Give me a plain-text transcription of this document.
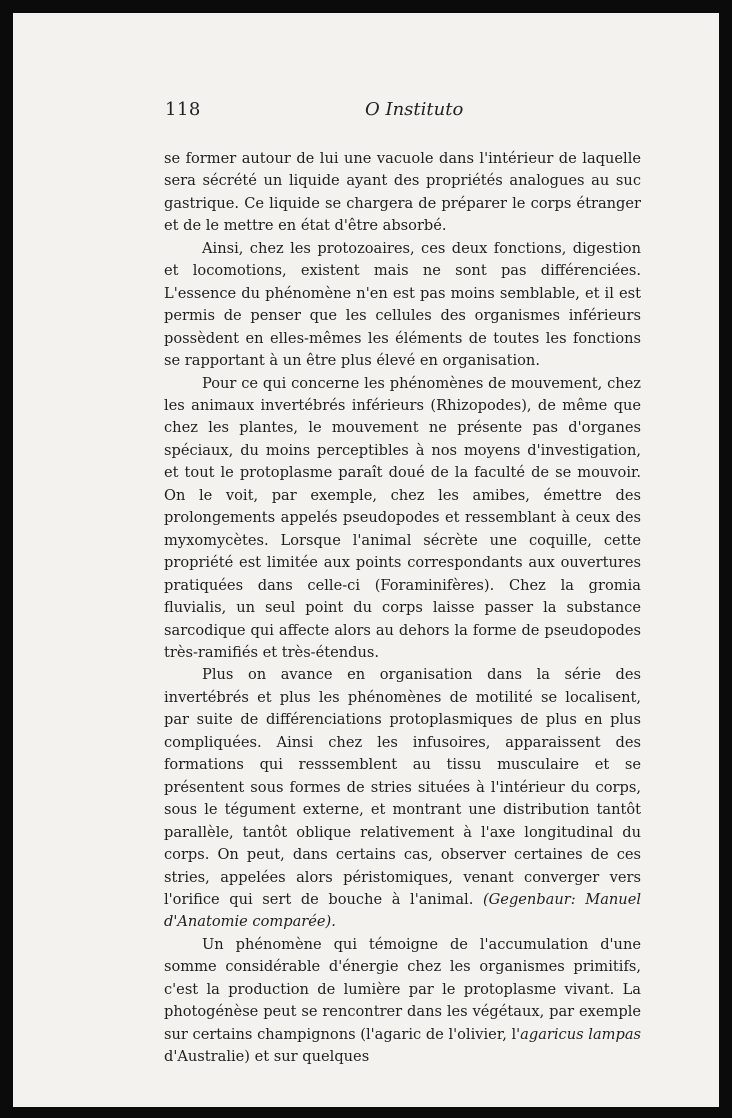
118	O Instituto

se former autour de lui une vacuole dans l'intérieur de laquelle sera sécrété un liquide ayant des propriétés analogues au suc gastrique. Ce liquide se chargera de préparer le corps étranger et de le mettre en état d'être absorbé.

Ainsi, chez les protozoaires, ces deux fonctions, digestion et locomotions, existent mais ne sont pas différenciées. L'essence du phénomène n'en est pas moins semblable, et il est permis de penser que les cellules des organismes inférieurs possèdent en elles-mêmes les éléments de toutes les fonctions se rapportant à un être plus élevé en organisation.

Pour ce qui concerne les phénomènes de mouvement, chez les animaux invertébrés inférieurs (Rhizopodes), de même que chez les plantes, le mouvement ne présente pas d'organes spéciaux, du moins perceptibles à nos moyens d'investigation, et tout le protoplasme paraît doué de la faculté de se mouvoir. On le voit, par exemple, chez les amibes, émettre des prolongements appelés pseudopodes et ressemblant à ceux des myxomycètes. Lorsque l'animal sécrète une coquille, cette propriété est limitée aux points correspondants aux ouvertures pratiquées dans celle-ci (Foraminifères). Chez la gromia fluvialis, un seul point du corps laisse passer la substance sarcodique qui affecte alors au dehors la forme de pseudopodes très-ramifiés et très-étendus.

Plus on avance en organisation dans la série des invertébrés et plus les phénomènes de motilité se localisent, par suite de différenciations protoplasmiques de plus en plus compliquées. Ainsi chez les infusoires, apparaissent des formations qui resssemblent au tissu musculaire et se présentent sous formes de stries situées à l'intérieur du corps, sous le tégument externe, et montrant une distribution tantôt parallèle, tantôt oblique relativement à l'axe longitudinal du corps. On peut, dans certains cas, observer certaines de ces stries, appelées alors péristomiques, venant converger vers l'orifice qui sert de bouche à l'animal. (Gegenbaur: Manuel d'Anatomie comparée).

Un phénomène qui témoigne de l'accumulation d'une somme considérable d'énergie chez les organismes primitifs, c'est la production de lumière par le protoplasme vivant. La photogénèse peut se rencontrer dans les végétaux, par exemple sur certains champignons (l'agaric de l'olivier, l'agaricus lampas d'Australie) et sur quelques
